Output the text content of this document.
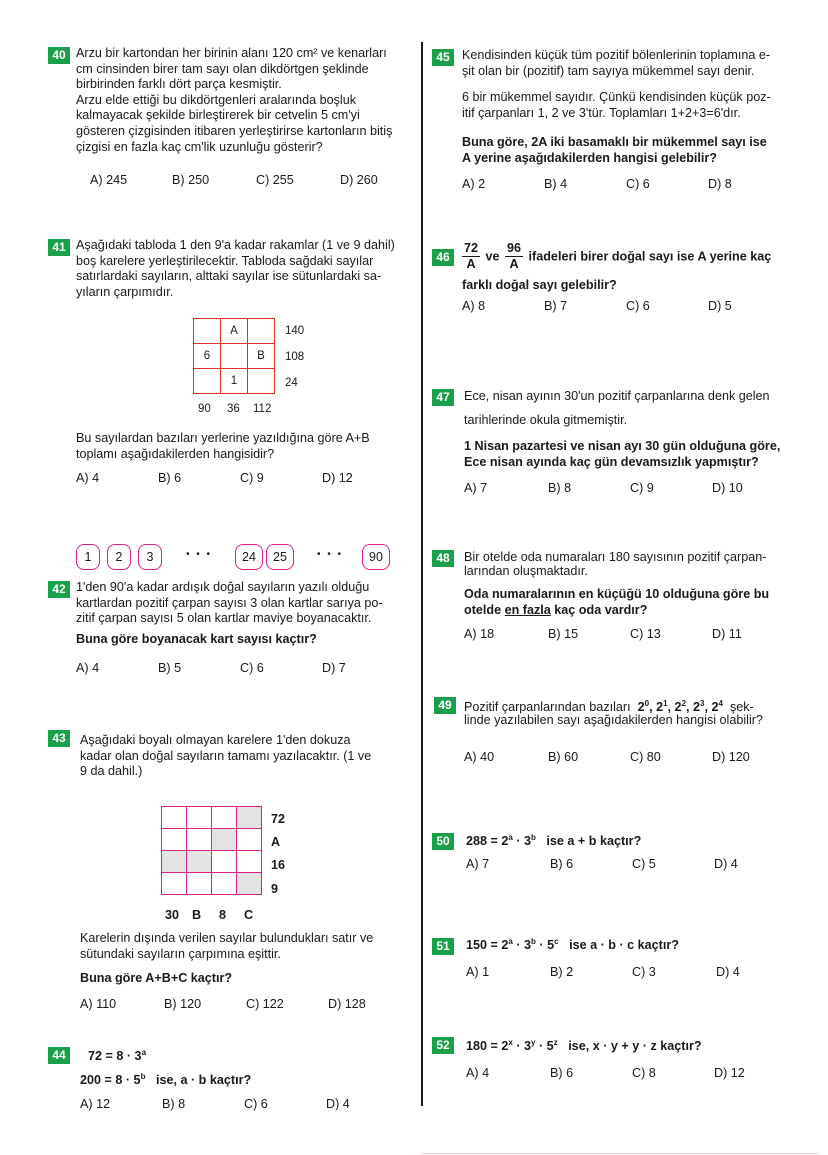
40 Arzu bir kartondan her birinin alanı 120 cm² ve kenarları
cm cinsinden birer tam sayı olan dikdörtgen şeklinde
birbirinden farklı dört parça kesmiştir.
Arzu elde ettiği bu dikdörtgenleri aralarında boşluk
kalmayacak şekilde birleştirerek bir cetvelin 5 cm'yi
gösteren çizgisinden itibaren yerleştirirse kartonların bitiş
çizgisi en fazla kaç cm'lik uzunluğu gösterir?
A) 245	B) 250	C) 255	D) 260
41 Aşağıdaki tabloda 1 den 9'a kadar rakamlar (1 ve 9 dahil)
boş karelere yerleştirilecektir. Tabloda sağdaki sayılar
satırlardaki sayıların, alttaki sayılar ise sütunlardaki sa-
yıların çarpımıdır.
	A	
6		B
	1	
140
108
24
90 36 112
Bu sayılardan bazıları yerlerine yazıldığına göre A+B
toplamı aşağıdakilerden hangisidir?
A) 4	B) 6	C) 9	D) 12
1	2	3	• • •	24	25	• • •	90
42 1'den 90'a kadar ardışık doğal sayıların yazılı olduğu
kartlardan pozitif çarpan sayısı 3 olan kartlar sarıya po-
zitif çarpan sayısı 5 olan kartlar maviye boyanacaktır.
Buna göre boyanacak kart sayısı kaçtır?
A) 4	B) 5	C) 6	D) 7
43	Aşağıdaki boyalı olmayan karelere 1'den dokuza
kadar olan doğal sayıların tamamı yazılacaktır. (1 ve
9 da dahil.)

72
A
16
9
30 B 8 C
Karelerin dışında verilen sayılar bulundukları satır ve
sütundaki sayıların çarpımına eşittir.
Buna göre A+B+C kaçtır?
A) 110	B) 120	C) 122	D) 128
44	$72 = 8 \cdot 3^a$
$200 = 8 \cdot 5^b$ ise, a · b kaçtır?
A) 12	B) 8	C) 6	D) 4
45 Kendisinden küçük tüm pozitif bölenlerinin toplamına e-
şit olan bir (pozitif) tam sayıya mükemmel sayı denir.
6 bir mükemmel sayıdır. Çünkü kendisinden küçük poz-
itif çarpanları 1, 2 ve 3'tür. Toplamları 1+2+3=6'dır.
Buna göre, 2A iki basamaklı bir mükemmel sayı ise
A yerine aşağıdakilerden hangisi gelebilir?
A) 2	B) 4	C) 6	D) 8
$46 \frac{72}{A}$ ve $\frac{96}{A}$ ifadeleri birer doğal sayı ise A yerine kaç
farklı doğal sayı gelebilir?
A) 8	B) 7	C) 6	D) 5
47	Ece, nisan ayının 30'un pozitif çarpanlarına denk gelen
tarihlerinde okula gitmemiştir.
1 Nisan pazartesi ve nisan ayı 30 gün olduğuna göre,
Ece nisan ayında kaç gün devamsızlık yapmıştır?
A) 7	B) 8	C) 9	D) 10
48	Bir otelde oda numaraları 180 sayısının pozitif çarpan-
larından oluşmaktadır.
Oda numaralarının en küçüğü 10 olduğuna göre bu
otelde en fazla kaç oda vardır?
A) 18	B) 15	C) 13	D) 11
49 Pozitif çarpanlarından bazıları $2^0$, $2^1$, $2^2$, $2^3$, $2^4$ şek-
linde yazılabilen sayı aşağıdakilerden hangisi olabilir?
A) 40	B) 60	C) 80	D) 120
50	$288 = 2^a \cdot 3^b$ ise a + b kaçtır?
A) 7	B) 6	C) 5	D) 4
51	$150 = 2^a \cdot 3^b \cdot 5^c$ ise a · b · c kaçtır?
A) 1	B) 2	C) 3	D) 4
52	$180 = 2^x \cdot 3^y \cdot 5^z$ ise, x · y + y · z kaçtır?
A) 4	B) 6	C) 8	D) 12
